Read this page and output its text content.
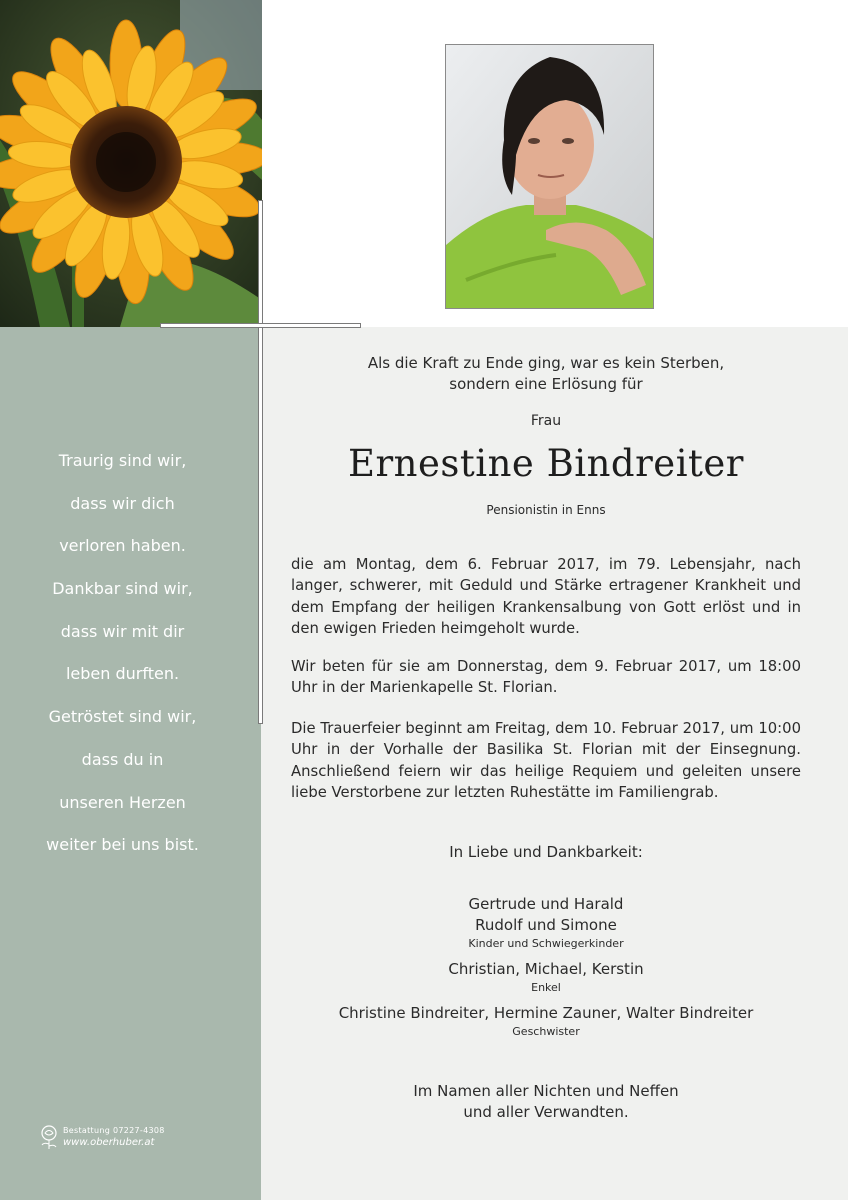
Traurig sind wir,
dass wir dich
verloren haben.
Dankbar sind wir,
dass wir mit dir
leben durften.
Getröstet sind wir,
dass du in
unseren Herzen
weiter bei uns bist.
Bestattung 07227-4308
www.oberhuber.at
Als die Kraft zu Ende ging, war es kein Sterben,
sondern eine Erlösung für
Frau
Ernestine Bindreiter
Pensionistin in Enns
die am Montag, dem 6. Februar 2017, im 79. Lebensjahr, nach langer, schwerer, mit Geduld und Stärke ertragener Krankheit und dem Empfang der heiligen Krankensalbung von Gott erlöst und in den ewigen Frieden heimgeholt wurde.
Wir beten für sie am Donnerstag, dem 9. Februar 2017, um 18:00 Uhr in der Marienkapelle St. Florian.
Die Trauerfeier beginnt am Freitag, dem 10. Februar 2017, um 10:00 Uhr in der Vorhalle der Basilika St. Florian mit der Einsegnung. Anschließend feiern wir das heilige Requiem und geleiten unsere liebe Verstorbene zur letzten Ruhestätte im Familiengrab.
In Liebe und Dankbarkeit:
Gertrude und Harald
Rudolf und Simone
Kinder und Schwiegerkinder
Christian, Michael, Kerstin
Enkel
Christine Bindreiter, Hermine Zauner, Walter Bindreiter
Geschwister
Im Namen aller Nichten und Neffen
und aller Verwandten.
